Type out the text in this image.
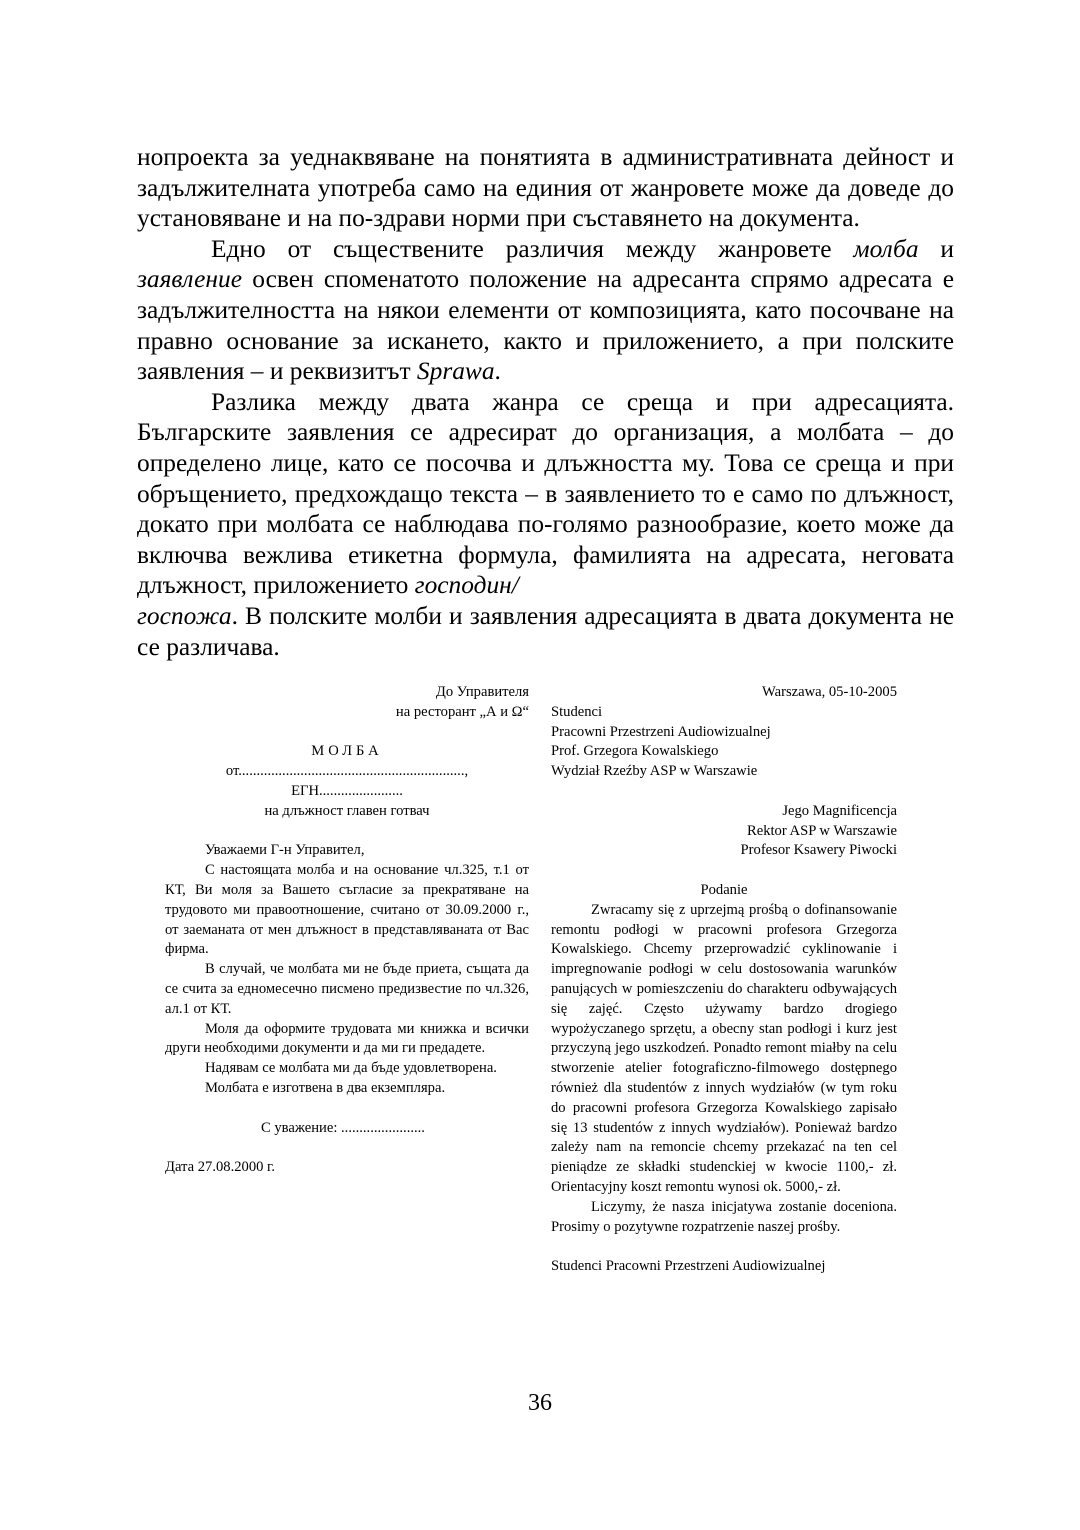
нопроекта за уеднаквяване на понятията в административната дейност и задължителната употреба само на единия от жанровете може да доведе до установяване и на по-здрави норми при съставянето на документа.

Едно от съществените различия между жанровете молба и заявление освен споменатото положение на адресанта спрямо адресата е задължителността на някои елементи от композицията, като посочване на правно основание за искането, както и приложението, а при полските заявления – и реквизитът Sprawa.

Разлика между двата жанра се среща и при адресацията. Българските заявления се адресират до организация, а молбата – до определено лице, като се посочва и длъжността му. Това се среща и при обръщението, предхождащо текста – в заявлението то е само по длъжност, докато при молбата се наблюдава по-голямо разнообразие, което може да включва вежлива етикетна формула, фамилията на адресата, неговата длъжност, приложението господин/
госпожа. В полските молби и заявления адресацията в двата документа не се различава.

До Управителя

на ресторант „А и Ω“

МОЛБА

от..............................................................,

ЕГН.......................

на длъжност главен готвач

Уважаеми Г-н Управител,

С настоящата молба и на основание чл.325, т.1 от КТ, Ви моля за Вашето съгласие за прекратяване на трудовото ми правоотношение, считано от 30.09.2000 г., от заеманата от мен длъжност в представляваната от Вас фирма.

В случай, че молбата ми не бъде приета, същата да се счита за едномесечно писмено предизвестие по чл.326, ал.1 от КТ.

Моля да оформите трудовата ми книжка и всички други необходими документи и да ми ги предадете.

Надявам се молбата ми да бъде удовлетворена.

Молбата е изготвена в два екземпляра.

С уважение: .......................

Дата 27.08.2000 г.

Warszawa, 05-10-2005

Studenci

Pracowni Przestrzeni Audiowizualnej

Prof. Grzegora Kowalskiego

Wydział Rzeźby ASP w Warszawie

Jego Magnificencja

Rektor ASP w Warszawie

Profesor Ksawery Piwocki

Podanie

Zwracamy się z uprzejmą prośbą o dofinansowanie remontu podłogi w pracowni profesora Grzegorza Kowalskiego. Chcemy przeprowadzić cyklinowanie i impregnowanie podłogi w celu dostosowania warunków panujących w pomieszczeniu do charakteru odbywających się zajęć. Często używamy bardzo drogiego wypożyczanego sprzętu, a obecny stan podłogi i kurz jest przyczyną jego uszkodzeń. Ponadto remont miałby na celu stworzenie atelier fotograficzno-filmowego dostępnego również dla studentów z innych wydziałów (w tym roku do pracowni profesora Grzegorza Kowalskiego zapisało się 13 studentów z innych wydziałów). Ponieważ bardzo zależy nam na remoncie chcemy przekazać na ten cel pieniądze ze składki studenckiej w kwocie 1100,- zł. Orientacyjny koszt remontu wynosi ok. 5000,- zł.

Liczymy, że nasza inicjatywa zostanie doceniona. Prosimy o pozytywne rozpatrzenie naszej prośby.

Studenci Pracowni Przestrzeni Audiowizualnej

36
